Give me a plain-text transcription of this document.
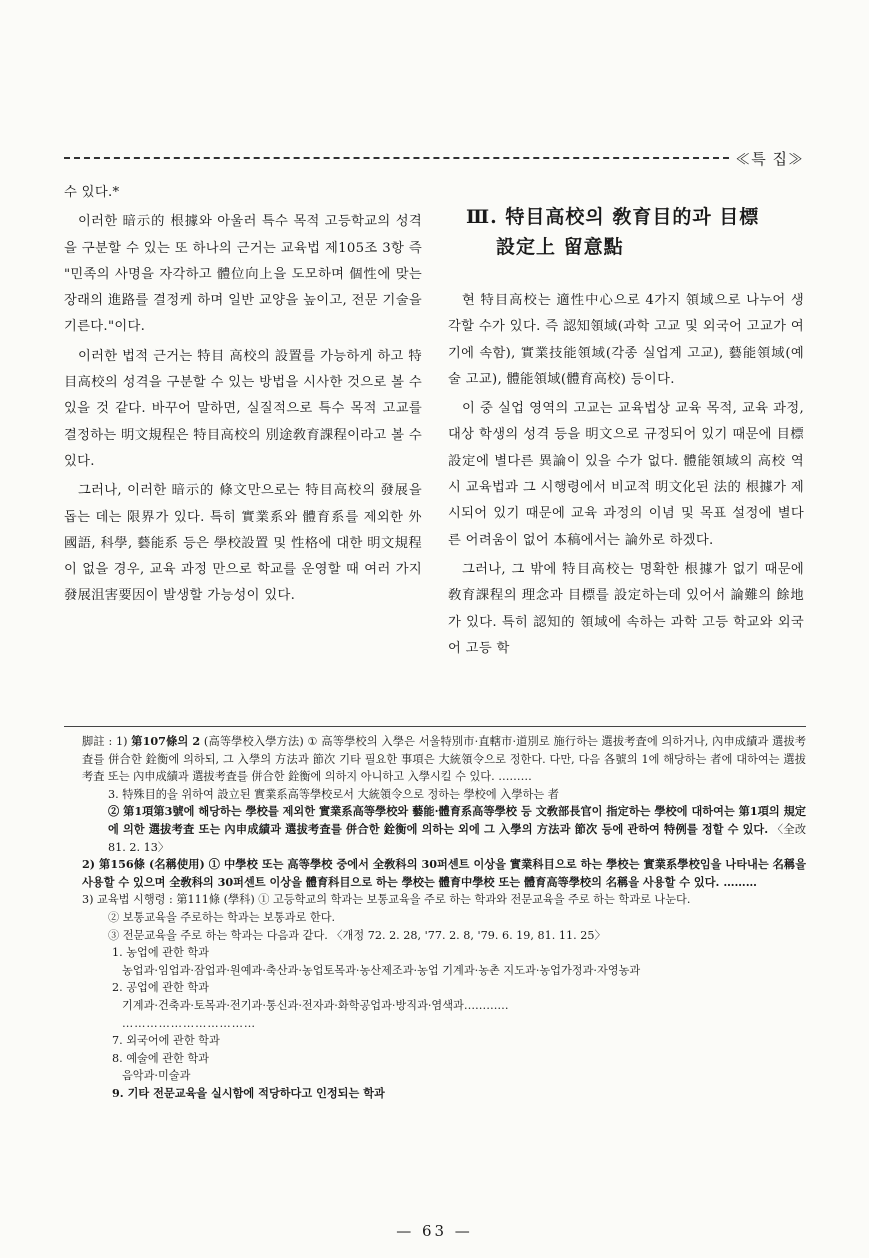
≪특 집≫

수 있다.*

이러한 暗示的 根據와 아울러 특수 목적 고등학교의 성격을 구분할 수 있는 또 하나의 근거는 교육법 제105조 3항 즉 "민족의 사명을 자각하고 體位向上을 도모하며 個性에 맞는 장래의 進路를 결정케 하며 일반 교양을 높이고, 전문 기술을 기른다."이다.

이러한 법적 근거는 特目 高校의 設置를 가능하게 하고 特目高校의 성격을 구분할 수 있는 방법을 시사한 것으로 볼 수 있을 것 같다. 바꾸어 말하면, 실질적으로 특수 목적 고교를 결정하는 明文規程은 特目高校의 別途敎育課程이라고 볼 수 있다.

그러나, 이러한 暗示的 條文만으로는 特目高校의 發展을 돕는 데는 限界가 있다. 특히 實業系와 體育系를 제외한 外國語, 科學, 藝能系 등은 學校設置 및 性格에 대한 明文規程이 없을 경우, 교육 과정 만으로 학교를 운영할 때 여러 가지 發展沮害要因이 발생할 가능성이 있다.

Ⅲ. 特目高校의 敎育目的과 目標
設定上 留意點

현 特目高校는 適性中心으로 4가지 領域으로 나누어 생각할 수가 있다. 즉 認知領域(과학 고교 및 외국어 고교가 여기에 속함), 實業技能領域(각종 실업계 고교), 藝能領域(예술 고교), 體能領域(體育高校) 등이다.

이 중 실업 영역의 고교는 교육법상 교육 목적, 교육 과정, 대상 학생의 성격 등을 明文으로 규정되어 있기 때문에 目標 設定에 별다른 異論이 있을 수가 없다. 體能領域의 高校 역시 교육법과 그 시행령에서 비교적 明文化된 法的 根據가 제시되어 있기 때문에 교육 과정의 이념 및 목표 설정에 별다른 어려움이 없어 本稿에서는 論外로 하겠다.

그러나, 그 밖에 特目高校는 명확한 根據가 없기 때문에 敎育課程의 理念과 目標를 設定하는데 있어서 論難의 餘地가 있다. 특히 認知的 領域에 속하는 과학 고등 학교와 외국어 고등 학

脚註 : 1) 第107條의 2 (高等學校入學方法) ① 高等學校의 入學은 서울特別市·直轄市·道別로 施行하는 選拔考査에 의하거나, 內申成績과 選拔考査를 併合한 銓衡에 의하되, 그 入學의 方法과 節次 기타 필요한 事項은 大統領令으로 정한다. 다만, 다음 各號의 1에 해당하는 者에 대하여는 選拔考査 또는 內申成績과 選拔考査를 併合한 銓衡에 의하지 아니하고 入學시킬 수 있다. ………

3. 特殊目的을 위하여 設立된 實業系高等學校로서 大統領令으로 정하는 學校에 入學하는 者

② 第1項第3號에 해당하는 學校를 제외한 實業系高等學校와 藝能·體育系高等學校 등 文敎部長官이 指定하는 學校에 대하여는 第1項의 規定에 의한 選拔考査 또는 內申成績과 選拔考査를 併合한 銓衡에 의하는 외에 그 入學의 方法과 節次 등에 관하여 特例를 정할 수 있다. 〈全改 81. 2. 13〉

2) 第156條 (名稱使用) ① 中學校 또는 高等學校 중에서 全敎科의 30퍼센트 이상을 實業科目으로 하는 學校는 實業系學校임을 나타내는 名稱을 사용할 수 있으며 全敎科의 30퍼센트 이상을 體育科目으로 하는 學校는 體育中學校 또는 體育高等學校의 名稱을 사용할 수 있다. ………

3) 교육법 시행령 : 第111條 (學科) ① 고등학교의 학과는 보통교육을 주로 하는 학과와 전문교육을 주로 하는 학과로 나눈다.

② 보통교육을 주로하는 학과는 보통과로 한다.

③ 전문교육을 주로 하는 학과는 다음과 같다. 〈개정 72. 2. 28, '77. 2. 8, '79. 6. 19, 81. 11. 25〉

1. 농업에 관한 학과

농업과·임업과·잠업과·원예과·축산과·농업토목과·농산제조과·농업 기계과·농촌 지도과·농업가정과·자영농과

2. 공업에 관한 학과

기계과·건축과·토목과·전기과·통신과·전자과·화학공업과·방직과·염색과…………

……………………………

7. 외국어에 관한 학과

8. 예술에 관한 학과

음악과·미술과

9. 기타 전문교육을 실시함에 적당하다고 인정되는 학과

— 63 —
